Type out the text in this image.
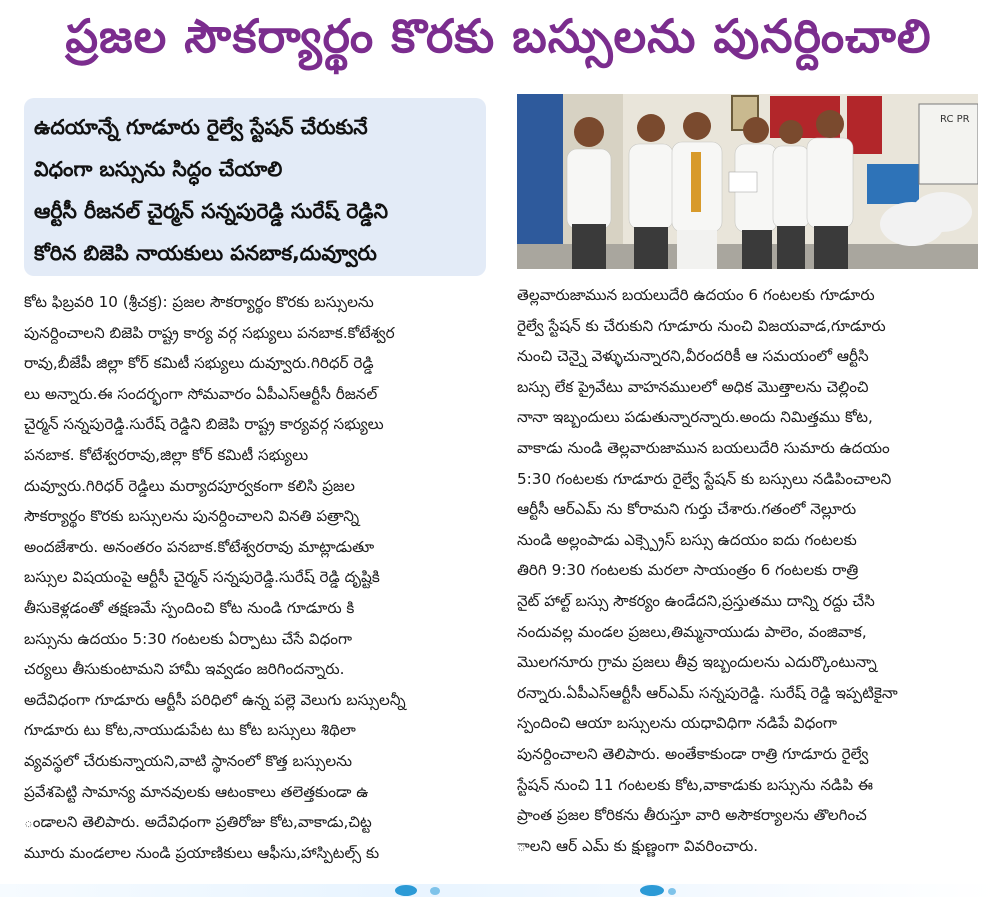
ప్రజల సౌకర్యార్థం కొరకు బస్సులను పునర్దించాలి
ఉదయాన్నే గూడూరు రైల్వే స్టేషన్ చేరుకునే
విధంగా బస్సును సిద్ధం చేయాలి
ఆర్టీసీ రీజనల్ చైర్మన్ సన్నపురెడ్డి సురేష్ రెడ్డిని
కోరిన బిజెపి నాయకులు పనబాక,దువ్వూరు
RC PR
కోట ఫిబ్రవరి 10 (శ్రీచక్ర): ప్రజల సౌకర్యార్థం కొరకు బస్సులను
పునర్దించాలని బిజెపి రాష్ట్ర కార్య వర్గ సభ్యులు పనబాక.కోటేశ్వర
రావు,బీజేపీ జిల్లా కోర్ కమిటీ సభ్యులు దువ్వూరు.గిరిధర్ రెడ్డి
లు అన్నారు.ఈ సందర్భంగా సోమవారం ఏపీఎస్ఆర్టీసీ రీజనల్
చైర్మన్ సన్నపురెడ్డి.సురేష్ రెడ్డిని బిజెపి రాష్ట్ర కార్యవర్గ సభ్యులు
పనబాక. కోటేశ్వరరావు,జిల్లా కోర్ కమిటీ సభ్యులు
దువ్వూరు.గిరిధర్ రెడ్డిలు మర్యాదపూర్వకంగా కలిసి ప్రజల
సౌకర్యార్థం కొరకు బస్సులను పునర్దించాలని వినతి పత్రాన్ని
అందజేశారు. అనంతరం పనబాక.కోటేశ్వరరావు మాట్లాడుతూ
బస్సుల విషయంపై ఆర్టీసీ చైర్మన్ సన్నపురెడ్డి.సురేష్ రెడ్డి దృష్టికి
తీసుకెళ్లడంతో తక్షణమే స్పందించి కోట నుండి గూడూరు కి
బస్సును ఉదయం 5:30 గంటలకు ఏర్పాటు చేసే విధంగా
చర్యలు తీసుకుంటామని హామీ ఇవ్వడం జరిగిందన్నారు.
అదేవిధంగా గూడూరు ఆర్టీసీ పరిధిలో ఉన్న పల్లె వెలుగు బస్సులన్నీ
గూడూరు టు కోట,నాయుడుపేట టు కోట బస్సులు శిథిలా
వ్యవస్థలో చేరుకున్నాయని,వాటి స్థానంలో కొత్త బస్సులను
ప్రవేశపెట్టి సామాన్య మానవులకు ఆటంకాలు తలెత్తకుండా ఉ
ండాలని తెలిపారు. అదేవిధంగా ప్రతిరోజు కోట,వాకాడు,చిట్ట
మూరు మండలాల నుండి ప్రయాణికులు ఆఫీసు,హాస్పిటల్స్ కు
తెల్లవారుజామున బయలుదేరి ఉదయం 6 గంటలకు గూడూరు
రైల్వే స్టేషన్ కు చేరుకుని గూడూరు నుంచి విజయవాడ,గూడూరు
నుంచి చెన్నై వెళ్ళుచున్నారని,వీరందరికీ ఆ సమయంలో ఆర్టీసి
బస్సు లేక ప్రైవేటు వాహనములలో అధిక మొత్తాలను చెల్లించి
నానా ఇబ్బందులు పడుతున్నారన్నారు.అందు నిమిత్తము కోట,
వాకాడు నుండి తెల్లవారుజామున బయలుదేరి సుమారు ఉదయం
5:30 గంటలకు గూడూరు రైల్వే స్టేషన్ కు బస్సులు నడిపించాలని
ఆర్టీసీ ఆర్ఎమ్ ను కోరామని గుర్తు చేశారు.గతంలో నెల్లూరు
నుండి అల్లంపాడు ఎక్స్ప్రెస్ బస్సు ఉదయం ఐదు గంటలకు
తిరిగి 9:30 గంటలకు మరలా సాయంత్రం 6 గంటలకు రాత్రి
నైట్ హాల్ట్ బస్సు సౌకర్యం ఉండేదని,ప్రస్తుతము దాన్ని రద్దు చేసి
నందువల్ల మండల ప్రజలు,తిమ్మనాయుడు పాలెం, వంజివాక,
మొలగనూరు గ్రామ ప్రజలు తీవ్ర ఇబ్బందులను ఎదుర్కొంటున్నా
రన్నారు.ఏపీఎస్ఆర్టీసీ ఆర్ఎమ్ సన్నపురెడ్డి. సురేష్ రెడ్డి ఇప్పటికైనా
స్పందించి ఆయా బస్సులను యధావిధిగా నడిపే విధంగా
పునర్దించాలని తెలిపారు. అంతేకాకుండా రాత్రి గూడూరు రైల్వే
స్టేషన్ నుంచి 11 గంటలకు కోట,వాకాడుకు బస్సును నడిపి ఈ
ప్రాంత ప్రజల కోరికను తీరుస్తూ వారి అసౌకర్యాలను తొలగించ
ాలని ఆర్ ఎమ్ కు క్షుణ్ణంగా వివరించారు.
